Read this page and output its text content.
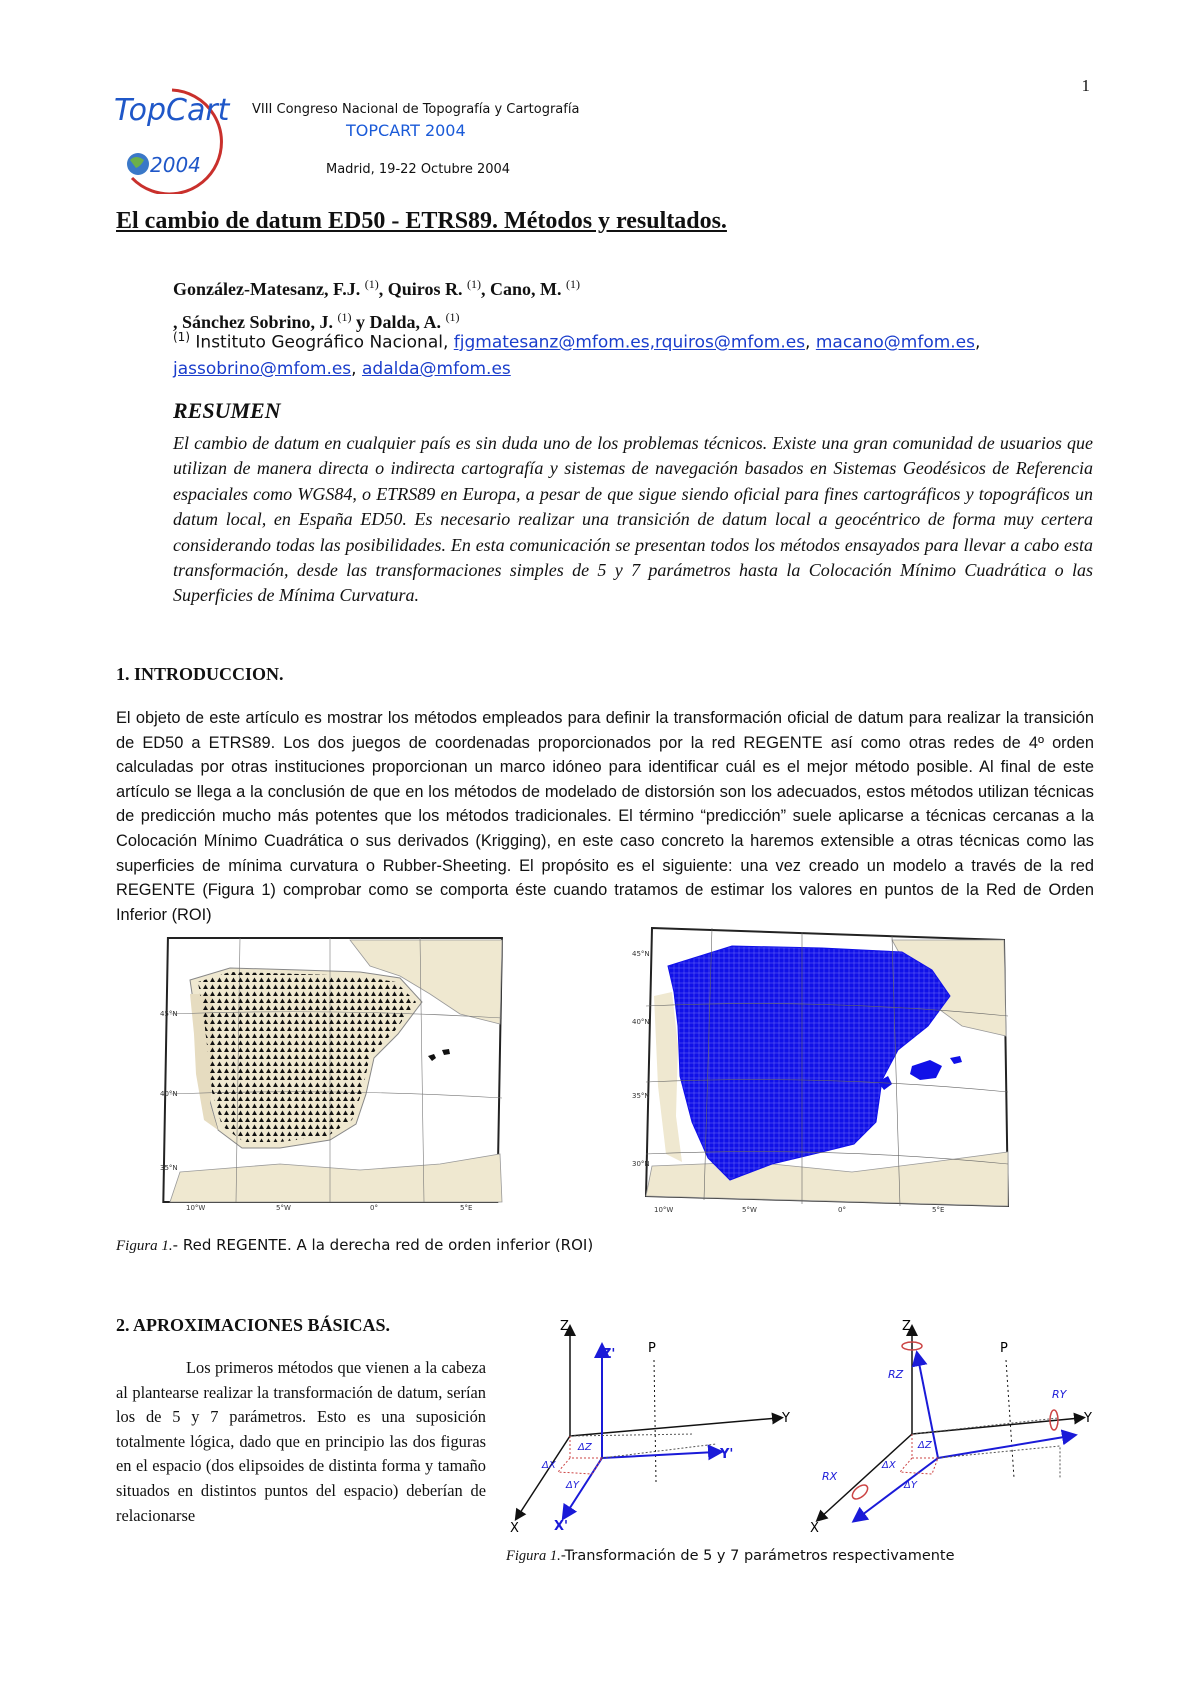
1
TopCart
2004
VIII Congreso Nacional de Topografía y Cartografía
TOPCART 2004
Madrid, 19-22 Octubre 2004
El cambio de datum ED50 - ETRS89. Métodos y resultados.
González-Matesanz, F.J. $^{(1)}$, Quiros R. $^{(1)}$, Cano, M. $^{(1)}$
, Sánchez Sobrino, J. $^{(1)}$ y Dalda, A. $^{(1)}$
$^{(1)}$ Instituto Geográfico Nacional, fjgmatesanz@mfom.es,rquiros@mfom.es, macano@mfom.es,
jassobrino@mfom.es, adalda@mfom.es
RESUMEN
El cambio de datum en cualquier país es sin duda uno de los problemas técnicos. Existe una gran comunidad de usuarios que utilizan de manera directa o indirecta cartografía y sistemas de navegación basados en Sistemas Geodésicos de Referencia espaciales como WGS84, o ETRS89 en Europa, a pesar de que sigue siendo oficial para fines cartográficos y topográficos un datum local, en España ED50. Es necesario realizar una transición de datum local a geocéntrico de forma muy certera considerando todas las posibilidades. En esta comunicación se presentan todos los métodos ensayados para llevar a cabo esta transformación, desde las transformaciones simples de 5 y 7 parámetros hasta la Colocación Mínimo Cuadrática o las Superficies de Mínima Curvatura.
1. INTRODUCCION.
El objeto de este artículo es mostrar los métodos empleados para definir la transformación oficial de datum para realizar la transición de ED50 a ETRS89. Los dos juegos de coordenadas proporcionados por la red REGENTE así como otras redes de 4º orden calculadas por otras instituciones proporcionan un marco idóneo para identificar cuál es el mejor método posible. Al final de este artículo se llega a la conclusión de que en los métodos de modelado de distorsión son los adecuados, estos métodos utilizan técnicas de predicción mucho más potentes que los métodos tradicionales. El término “predicción” suele aplicarse a técnicas cercanas a la Colocación Mínimo Cuadrática o sus derivados (Krigging), en este caso concreto la haremos extensible a otras técnicas como las superficies de mínima curvatura o Rubber-Sheeting. El propósito es el siguiente: una vez creado un modelo a través de la red REGENTE (Figura 1) comprobar como se comporta éste cuando tratamos de estimar los valores en puntos de la Red de Orden Inferior (ROI)
10°W	5°W	0°	5°E
45°N
40°N
35°N
10°W	5°W	0°	5°E
45°N
40°N
35°N
30°N
Figura 1.- Red REGENTE. A la derecha red de orden inferior (ROI)
2. APROXIMACIONES BÁSICAS.
Los primeros métodos que vienen a la cabeza al plantearse realizar la transformación de datum, serían los de 5 y 7 parámetros. Esto es una suposición totalmente lógica, dado que en principio las dos figuras en el espacio (dos elipsoides de distinta forma y tamaño situados en distintos puntos del espacio) deberían de relacionarse
Z
Y
X
P
Z'
Y'
X'
ΔZ
ΔX
ΔY
Z
Y
X
P
RZ
RY
RX
ΔZ
ΔX
ΔY
Figura 1.-Transformación de 5 y 7 parámetros respectivamente
